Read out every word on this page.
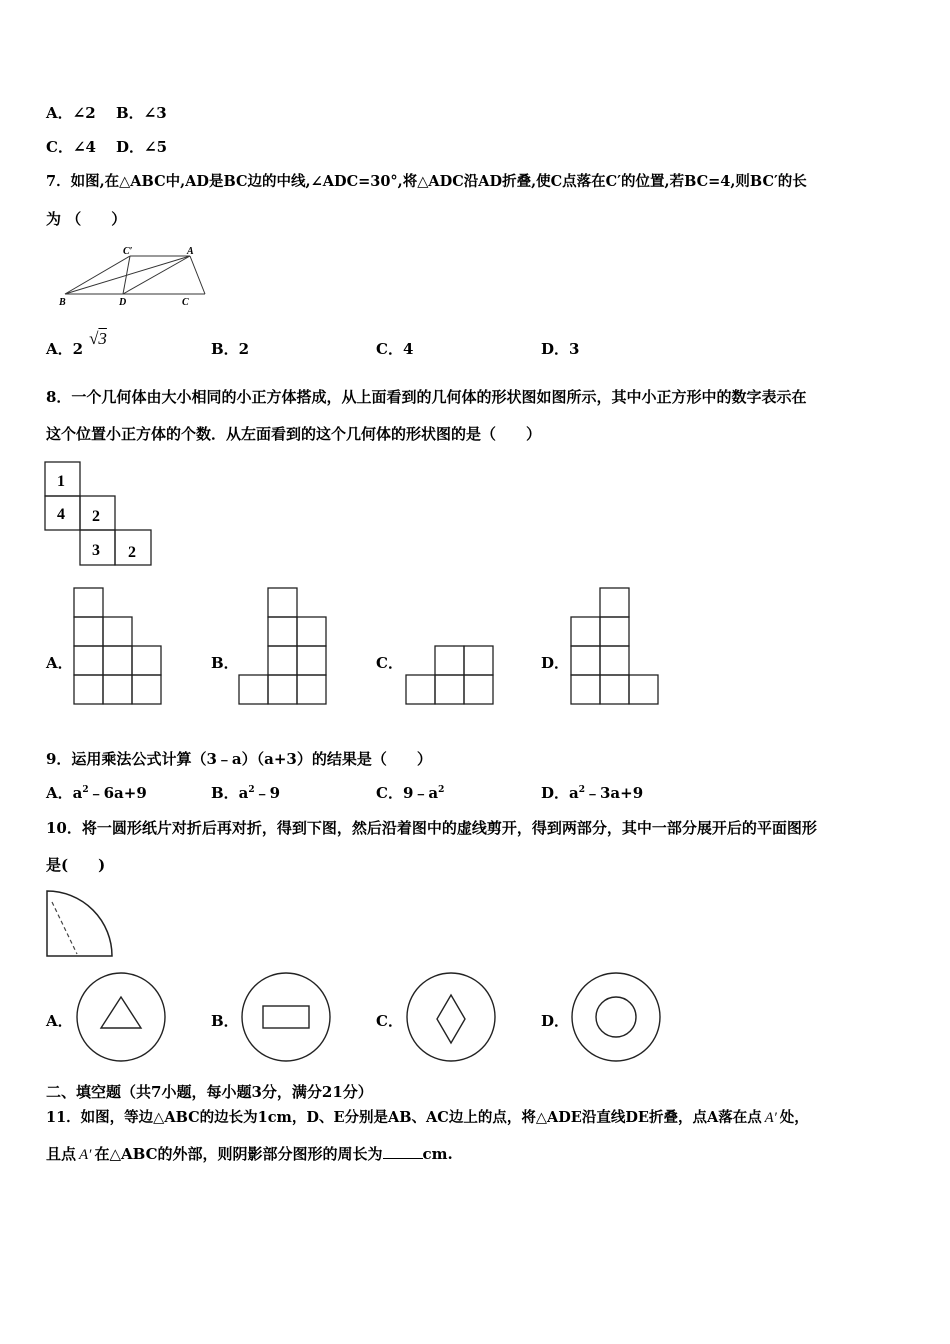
A．∠2 B．∠3
C．∠4 D．∠5
7．如图,在△ABC中,AD是BC边的中线,∠ADC=30°,将△ADC沿AD折叠,使C点落在C′的位置,若BC=4,则BC′的长
为 （　　）
C′	A
B	D	C
A．2√3
B．2	C．4	D．3
8．一个几何体由大小相同的小正方体搭成，从上面看到的几何体的形状图如图所示，其中小正方形中的数字表示在
这个位置小正方体的个数．从左面看到的这个几何体的形状图的是（　　）
1
4 2
3 2
A．	B．	C．	D．
9．运用乘法公式计算（3﹣a）（a+3）的结果是（　　）
A．$a^2﹣6a+9$	B．$a^2﹣9$	C．$9﹣a^2$	D．$a^2﹣3a+9$
10．将一圆形纸片对折后再对折，得到下图，然后沿着图中的虚线剪开，得到两部分，其中一部分展开后的平面图形
是(　　)
A．	B．	C．	D．
二、填空题（共7小题，每小题3分，满分21分）
11．如图，等边△ABC的边长为1cm，D、E分别是AB、AC边上的点，将△ADE沿直线DE折叠，点A落在点 A′ 处，
且点 A′ 在△ABC的外部，则阴影部分图形的周长为	cm.
